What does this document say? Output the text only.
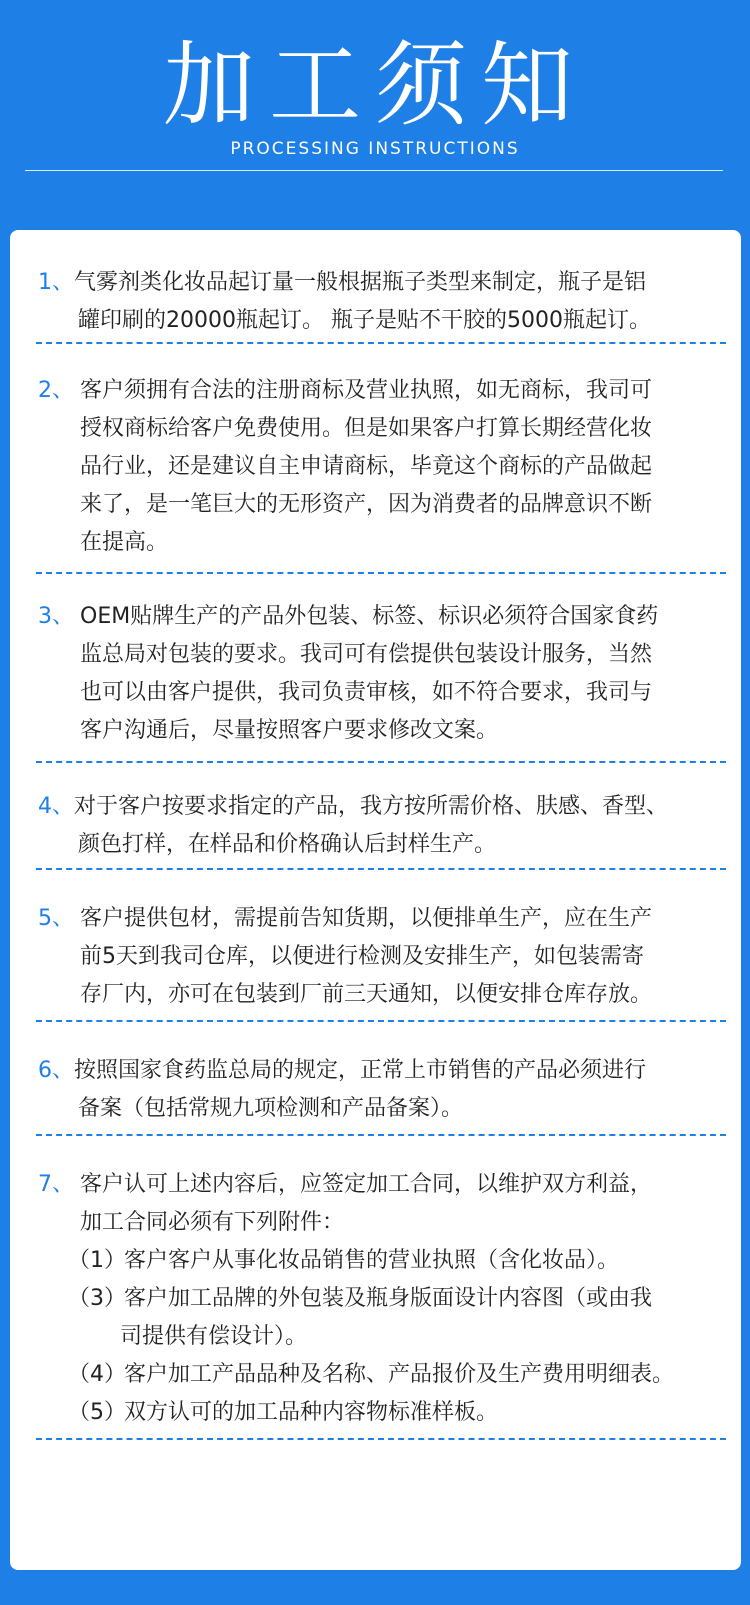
加工须知
PROCESSING INSTRUCTIONS
1、 气雾剂类化妆品起订量一般根据瓶子类型来制定，瓶子是铝
罐印刷的20000瓶起订。 瓶子是贴不干胶的5000瓶起订。
2、 客户须拥有合法的注册商标及营业执照，如无商标，我司可
授权商标给客户免费使用。但是如果客户打算长期经营化妆
品行业，还是建议自主申请商标，毕竟这个商标的产品做起
来了，是一笔巨大的无形资产，因为消费者的品牌意识不断
在提高。
3、 OEM贴牌生产的产品外包装、标签、标识必须符合国家食药
监总局对包装的要求。我司可有偿提供包装设计服务，当然
也可以由客户提供，我司负责审核，如不符合要求，我司与
客户沟通后，尽量按照客户要求修改文案。
4、 对于客户按要求指定的产品，我方按所需价格、肤感、香型、
颜色打样，在样品和价格确认后封样生产。
5、 客户提供包材，需提前告知货期，以便排单生产，应在生产
前5天到我司仓库，以便进行检测及安排生产，如包装需寄
存厂内，亦可在包装到厂前三天通知，以便安排仓库存放。
6、 按照国家食药监总局的规定，正常上市销售的产品必须进行
备案（包括常规九项检测和产品备案）。
7、 客户认可上述内容后，应签定加工合同，以维护双方利益，
加工合同必须有下列附件：
（1）
客户客户从事化妆品销售的营业执照（含化妆品）。
（3）
客户加工品牌的外包装及瓶身版面设计内容图（或由我
司提供有偿设计）。
（4）
客户加工产品品种及名称、产品报价及生产费用明细表。
（5）
双方认可的加工品种内容物标准样板。
